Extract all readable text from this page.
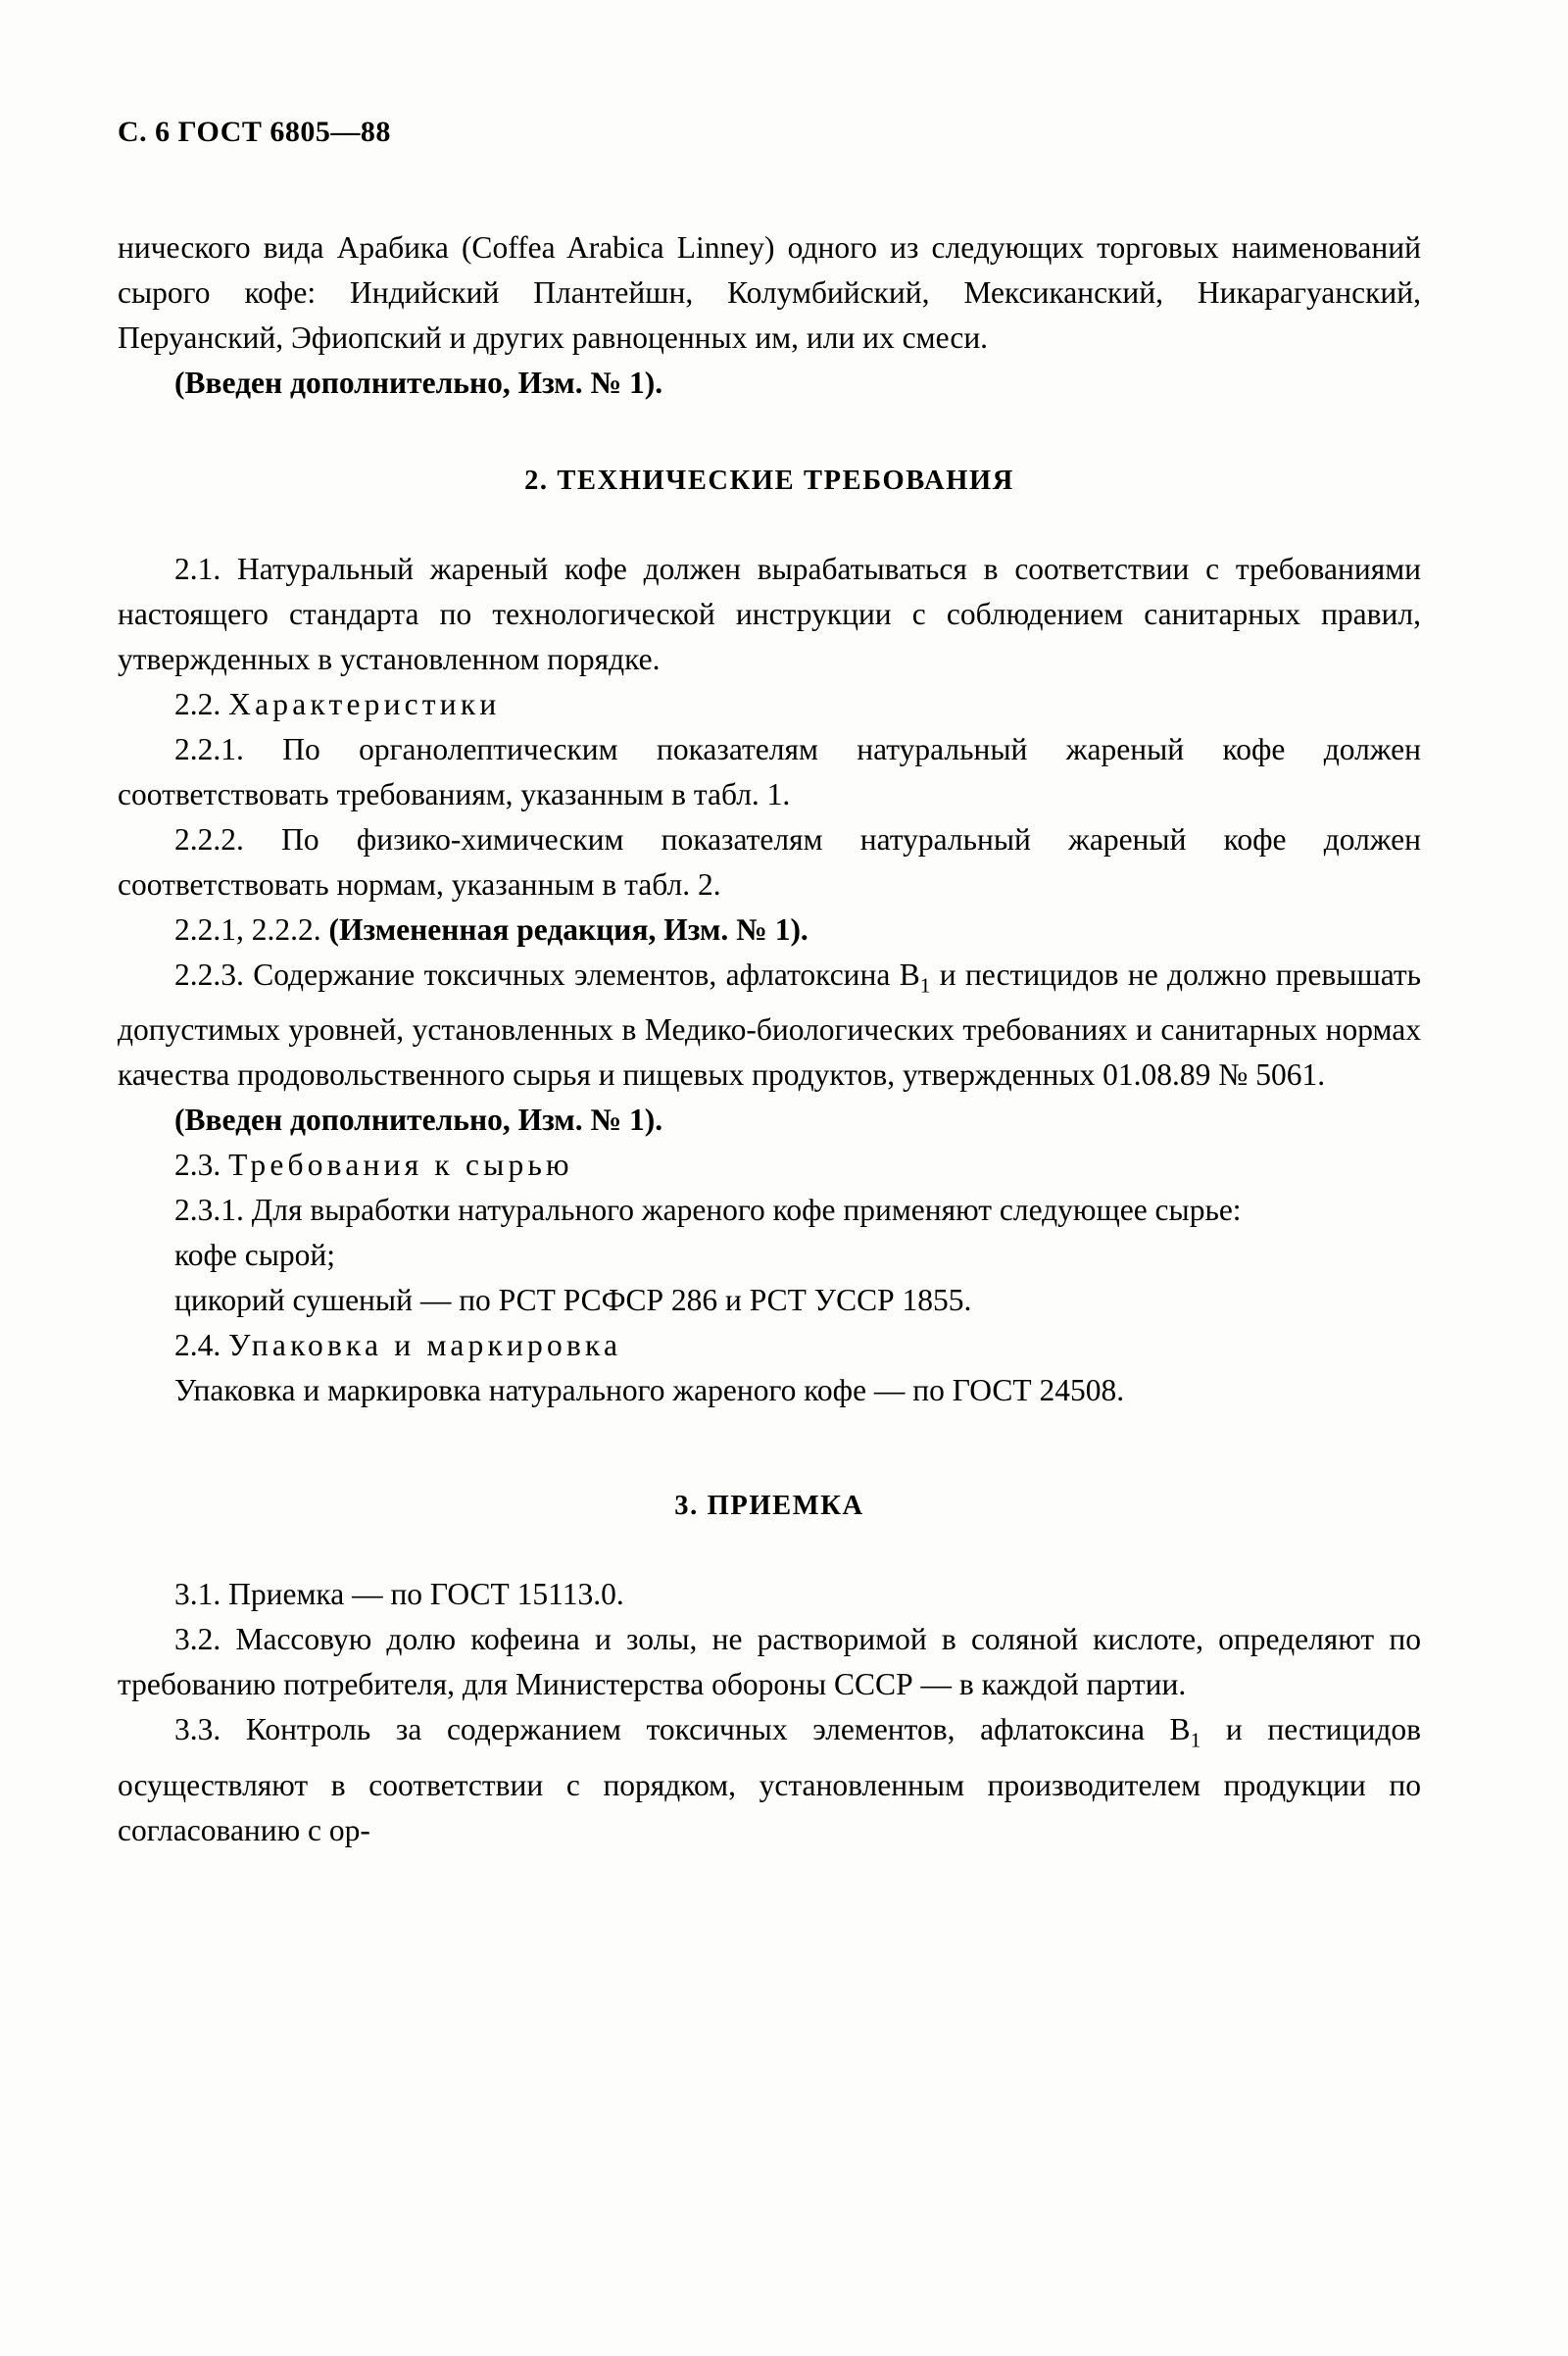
С. 6 ГОСТ 6805—88

нического вида Арабика (Coffea Arabica Linney) одного из следующих торговых наименований сырого кофе: Индийский Плантейшн, Колумбийский, Мексиканский, Никарагуанский, Перуанский, Эфиопский и других равноценных им, или их смеси.

(Введен дополнительно, Изм. № 1).

2. ТЕХНИЧЕСКИЕ ТРЕБОВАНИЯ

2.1. Натуральный жареный кофе должен вырабатываться в соответствии с требованиями настоящего стандарта по технологической инструкции с соблюдением санитарных правил, утвержденных в установленном порядке.

2.2. Характеристики

2.2.1. По органолептическим показателям натуральный жареный кофе должен соответствовать требованиям, указанным в табл. 1.

2.2.2. По физико-химическим показателям натуральный жареный кофе должен соответствовать нормам, указанным в табл. 2.

2.2.1, 2.2.2. (Измененная редакция, Изм. № 1).

2.2.3. Содержание токсичных элементов, афлатоксина $В_1$ и пестицидов не должно превышать допустимых уровней, установленных в Медико-биологических требованиях и санитарных нормах качества продовольственного сырья и пищевых продуктов, утвержденных 01.08.89 № 5061.

(Введен дополнительно, Изм. № 1).

2.3. Требования к сырью

2.3.1. Для выработки натурального жареного кофе применяют следующее сырье:

кофе сырой;

цикорий сушеный — по РСТ РСФСР 286 и РСТ УССР 1855.

2.4. Упаковка и маркировка

Упаковка и маркировка натурального жареного кофе — по ГОСТ 24508.

3. ПРИЕМКА

3.1. Приемка — по ГОСТ 15113.0.

3.2. Массовую долю кофеина и золы, не растворимой в соляной кислоте, определяют по требованию потребителя, для Министерства обороны СССР — в каждой партии.

3.3. Контроль за содержанием токсичных элементов, афлатоксина $В_1$ и пестицидов осуществляют в соответствии с порядком, установленным производителем продукции по согласованию с ор-
